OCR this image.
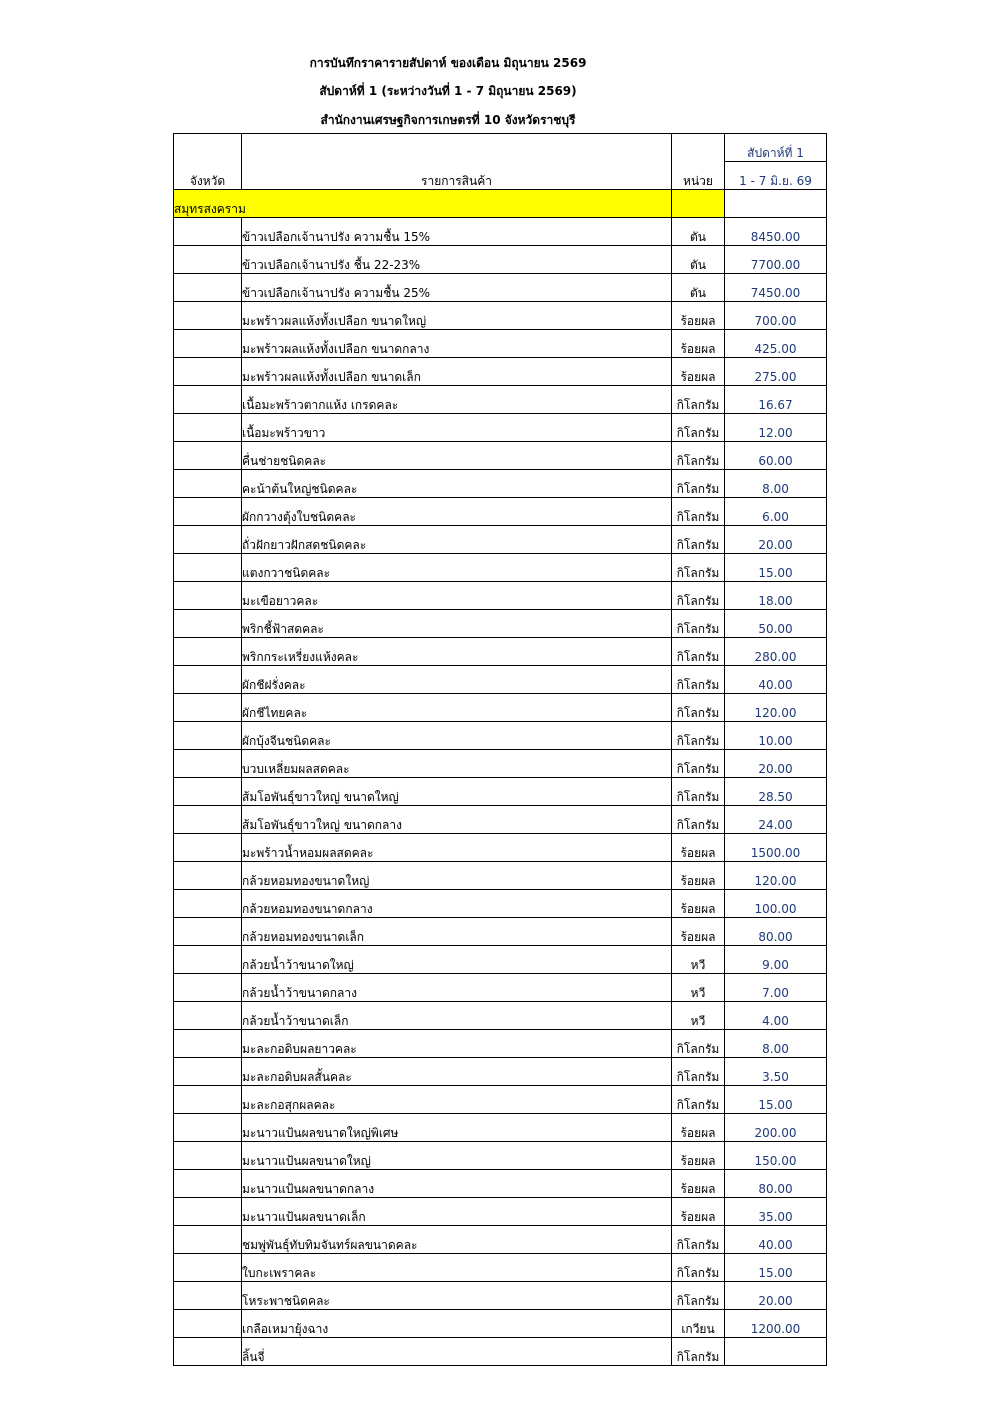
การบันทึกราคารายสัปดาห์ ของเดือน มิถุนายน 2569
สัปดาห์ที่ 1 (ระหว่างวันที่ 1 - 7 มิถุนายน 2569)
สำนักงานเศรษฐกิจการเกษตรที่ 10 จังหวัดราชบุรี
จังหวัด	รายการสินค้า	หน่วย	สัปดาห์ที่ 1
			1 - 7 มิ.ย. 69
สมุทรสงคราม			
	ข้าวเปลือกเจ้านาปรัง ความชื้น 15%	ตัน	8450.00
	ข้าวเปลือกเจ้านาปรัง ชื้น 22-23%	ตัน	7700.00
	ข้าวเปลือกเจ้านาปรัง ความชื้น 25%	ตัน	7450.00
	มะพร้าวผลแห้งทั้งเปลือก ขนาดใหญ่	ร้อยผล	700.00
	มะพร้าวผลแห้งทั้งเปลือก ขนาดกลาง	ร้อยผล	425.00
	มะพร้าวผลแห้งทั้งเปลือก ขนาดเล็ก	ร้อยผล	275.00
	เนื้อมะพร้าวตากแห้ง เกรดคละ	กิโลกรัม	16.67
	เนื้อมะพร้าวขาว	กิโลกรัม	12.00
	คื่นช่ายชนิดคละ	กิโลกรัม	60.00
	คะน้าต้นใหญ่ชนิดคละ	กิโลกรัม	8.00
	ผักกวางตุ้งใบชนิดคละ	กิโลกรัม	6.00
	ถั่วฝักยาวฝักสดชนิดคละ	กิโลกรัม	20.00
	แตงกวาชนิดคละ	กิโลกรัม	15.00
	มะเขือยาวคละ	กิโลกรัม	18.00
	พริกชี้ฟ้าสดคละ	กิโลกรัม	50.00
	พริกกระเหรี่ยงแห้งคละ	กิโลกรัม	280.00
	ผักชีฝรั่งคละ	กิโลกรัม	40.00
	ผักชีไทยคละ	กิโลกรัม	120.00
	ผักบุ้งจีนชนิดคละ	กิโลกรัม	10.00
	บวบเหลี่ยมผลสดคละ	กิโลกรัม	20.00
	ส้มโอพันธุ์ขาวใหญ่ ขนาดใหญ่	กิโลกรัม	28.50
	ส้มโอพันธุ์ขาวใหญ่ ขนาดกลาง	กิโลกรัม	24.00
	มะพร้าวน้ำหอมผลสดคละ	ร้อยผล	1500.00
	กล้วยหอมทองขนาดใหญ่	ร้อยผล	120.00
	กล้วยหอมทองขนาดกลาง	ร้อยผล	100.00
	กล้วยหอมทองขนาดเล็ก	ร้อยผล	80.00
	กล้วยน้ำว้าขนาดใหญ่	หวี	9.00
	กล้วยน้ำว้าขนาดกลาง	หวี	7.00
	กล้วยน้ำว้าขนาดเล็ก	หวี	4.00
	มะละกอดิบผลยาวคละ	กิโลกรัม	8.00
	มะละกอดิบผลสั้นคละ	กิโลกรัม	3.50
	มะละกอสุกผลคละ	กิโลกรัม	15.00
	มะนาวแป้นผลขนาดใหญ่พิเศษ	ร้อยผล	200.00
	มะนาวแป้นผลขนาดใหญ่	ร้อยผล	150.00
	มะนาวแป้นผลขนาดกลาง	ร้อยผล	80.00
	มะนาวแป้นผลขนาดเล็ก	ร้อยผล	35.00
	ชมพู่พันธุ์ทับทิมจันทร์ผลขนาดคละ	กิโลกรัม	40.00
	ใบกะเพราคละ	กิโลกรัม	15.00
	โหระพาชนิดคละ	กิโลกรัม	20.00
	เกลือเหมายุ้งฉาง	เกวียน	1200.00
	ลิ้นจี่	กิโลกรัม	
